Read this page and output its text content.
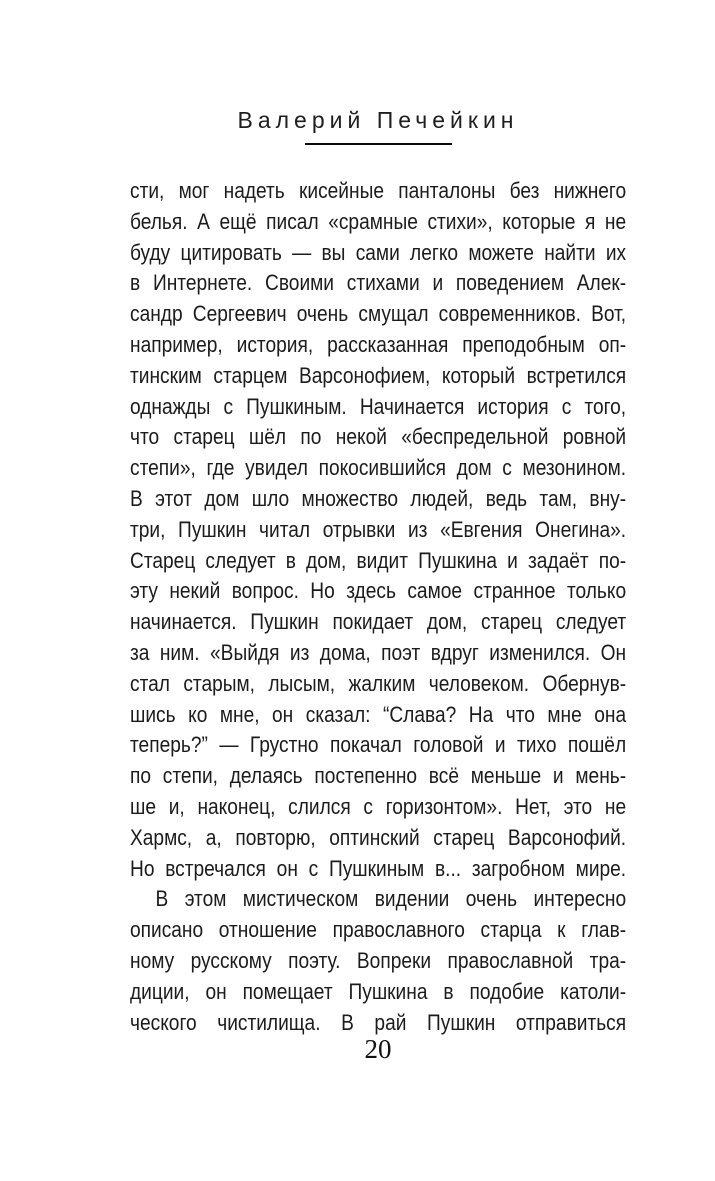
Валерий Печейкин
сти, мог надеть кисейные панталоны без нижнего
белья. А ещё писал «срамные стихи», которые я не
буду цитировать — вы сами легко можете найти их
в Интернете. Своими стихами и поведением Алек-
сандр Сергеевич очень смущал современников. Вот,
например, история, рассказанная преподобным оп-
тинским старцем Варсонофием, который встретился
однажды с Пушкиным. Начинается история с того,
что старец шёл по некой «беспредельной ровной
степи», где увидел покосившийся дом с мезонином.
В этот дом шло множество людей, ведь там, вну-
три, Пушкин читал отрывки из «Евгения Онегина».
Старец следует в дом, видит Пушкина и задаёт по-
эту некий вопрос. Но здесь самое странное только
начинается. Пушкин покидает дом, старец следует
за ним. «Выйдя из дома, поэт вдруг изменился. Он
стал старым, лысым, жалким человеком. Обернув-
шись ко мне, он сказал: “Слава? На что мне она
теперь?” — Грустно покачал головой и тихо пошёл
по степи, делаясь постепенно всё меньше и мень-
ше и, наконец, слился с горизонтом». Нет, это не
Хармс, а, повторю, оптинский старец Варсонофий.
Но встречался он с Пушкиным в... загробном мире.
В этом мистическом видении очень интересно
описано отношение православного старца к глав-
ному русскому поэту. Вопреки православной тра-
диции, он помещает Пушкина в подобие католи-
ческого чистилища. В рай Пушкин отправиться
20
